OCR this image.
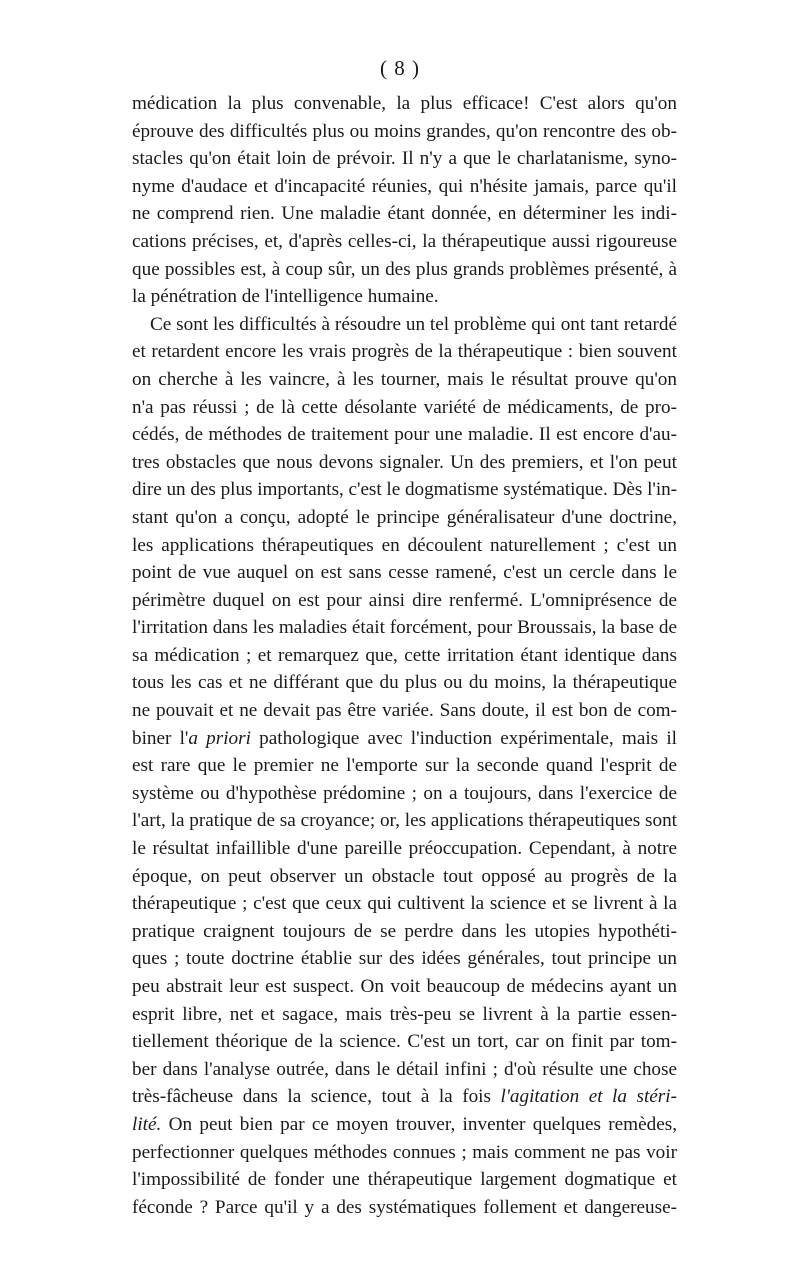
( 8 )

médication la plus convenable, la plus efficace! C'est alors qu'on
éprouve des difficultés plus ou moins grandes, qu'on rencontre des ob-
stacles qu'on était loin de prévoir. Il n'y a que le charlatanisme, syno-
nyme d'audace et d'incapacité réunies, qui n'hésite jamais, parce qu'il
ne comprend rien. Une maladie étant donnée, en déterminer les indi-
cations précises, et, d'après celles-ci, la thérapeutique aussi rigoureuse
que possibles est, à coup sûr, un des plus grands problèmes présenté, à
la pénétration de l'intelligence humaine.

Ce sont les difficultés à résoudre un tel problème qui ont tant retardé
et retardent encore les vrais progrès de la thérapeutique : bien souvent
on cherche à les vaincre, à les tourner, mais le résultat prouve qu'on
n'a pas réussi ; de là cette désolante variété de médicaments, de pro-
cédés, de méthodes de traitement pour une maladie. Il est encore d'au-
tres obstacles que nous devons signaler. Un des premiers, et l'on peut
dire un des plus importants, c'est le dogmatisme systématique. Dès l'in-
stant qu'on a conçu, adopté le principe généralisateur d'une doctrine,
les applications thérapeutiques en découlent naturellement ; c'est un
point de vue auquel on est sans cesse ramené, c'est un cercle dans le
périmètre duquel on est pour ainsi dire renfermé. L'omniprésence de
l'irritation dans les maladies était forcément, pour Broussais, la base de
sa médication ; et remarquez que, cette irritation étant identique dans
tous les cas et ne différant que du plus ou du moins, la thérapeutique
ne pouvait et ne devait pas être variée. Sans doute, il est bon de com-
biner l'a priori pathologique avec l'induction expérimentale, mais il
est rare que le premier ne l'emporte sur la seconde quand l'esprit de
système ou d'hypothèse prédomine ; on a toujours, dans l'exercice de
l'art, la pratique de sa croyance; or, les applications thérapeutiques sont
le résultat infaillible d'une pareille préoccupation. Cependant, à notre
époque, on peut observer un obstacle tout opposé au progrès de la
thérapeutique ; c'est que ceux qui cultivent la science et se livrent à la
pratique craignent toujours de se perdre dans les utopies hypothéti-
ques ; toute doctrine établie sur des idées générales, tout principe un
peu abstrait leur est suspect. On voit beaucoup de médecins ayant un
esprit libre, net et sagace, mais très-peu se livrent à la partie essen-
tiellement théorique de la science. C'est un tort, car on finit par tom-
ber dans l'analyse outrée, dans le détail infini ; d'où résulte une chose
très-fâcheuse dans la science, tout à la fois l'agitation et la stéri-
lité. On peut bien par ce moyen trouver, inventer quelques remèdes,
perfectionner quelques méthodes connues ; mais comment ne pas voir
l'impossibilité de fonder une thérapeutique largement dogmatique et
féconde ? Parce qu'il y a des systématiques follement et dangereuse-
